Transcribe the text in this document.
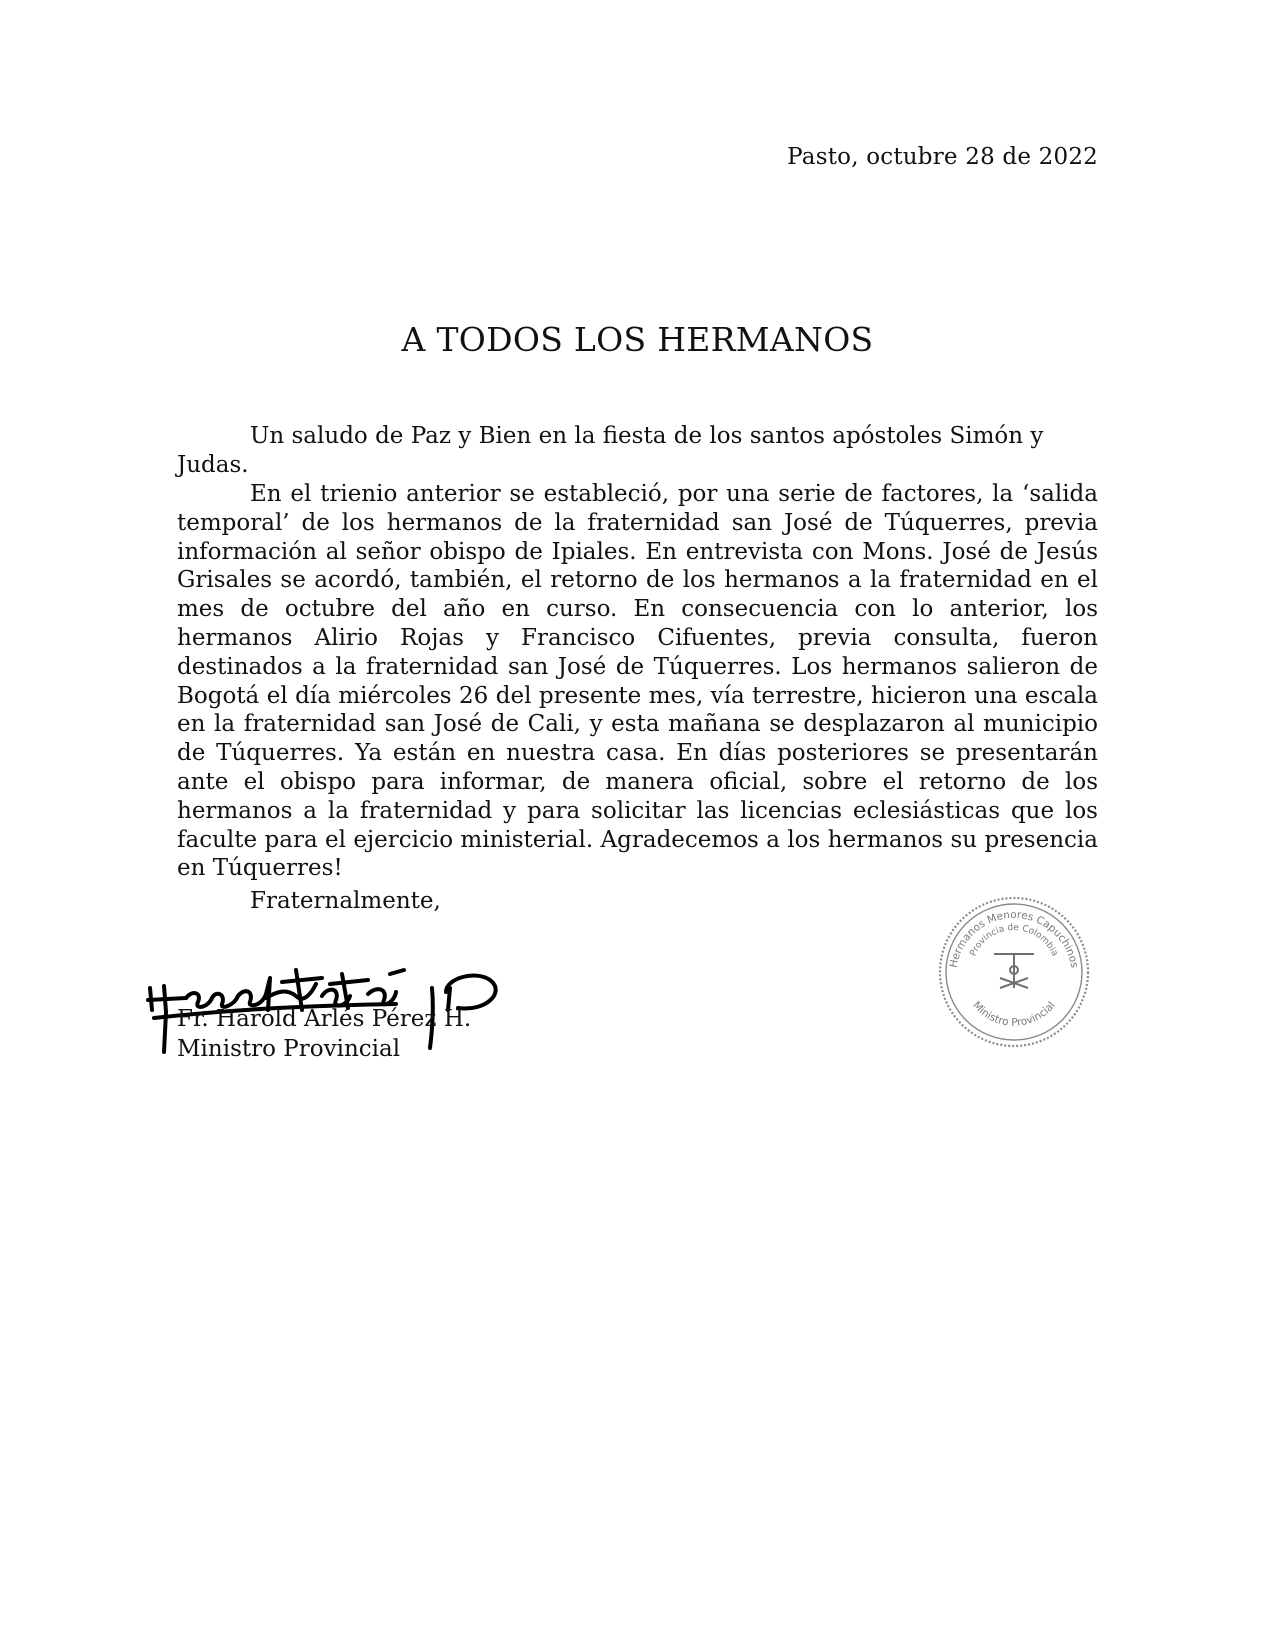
Pasto, octubre 28 de 2022

A TODOS LOS HERMANOS

Un saludo de Paz y Bien en la fiesta de los santos apóstoles Simón y Judas.

En el trienio anterior se estableció, por una serie de factores, la ‘salida temporal’ de los hermanos de la fraternidad san José de Túquerres, previa información al señor obispo de Ipiales. En entrevista con Mons. José de Jesús Grisales se acordó, también, el retorno de los hermanos a la fraternidad en el mes de octubre del año en curso. En consecuencia con lo anterior, los hermanos Alirio Rojas y Francisco Cifuentes, previa consulta, fueron destinados a la fraternidad san José de Túquerres. Los hermanos salieron de Bogotá el día miércoles 26 del presente mes, vía terrestre, hicieron una escala en la fraternidad san José de Cali, y esta mañana se desplazaron al municipio de Túquerres. Ya están en nuestra casa. En días posteriores se presentarán ante el obispo para informar, de manera oficial, sobre el retorno de los hermanos a la fraternidad y para solicitar las licencias eclesiásticas que los faculte para el ejercicio ministerial. Agradecemos a los hermanos su presencia en Túquerres!

Fraternalmente,

Fr. Harold Arlés Pérez H.

Ministro Provincial

Hermanos Menores Capuchinos
Provincia de Colombia
Ministro Provincial
